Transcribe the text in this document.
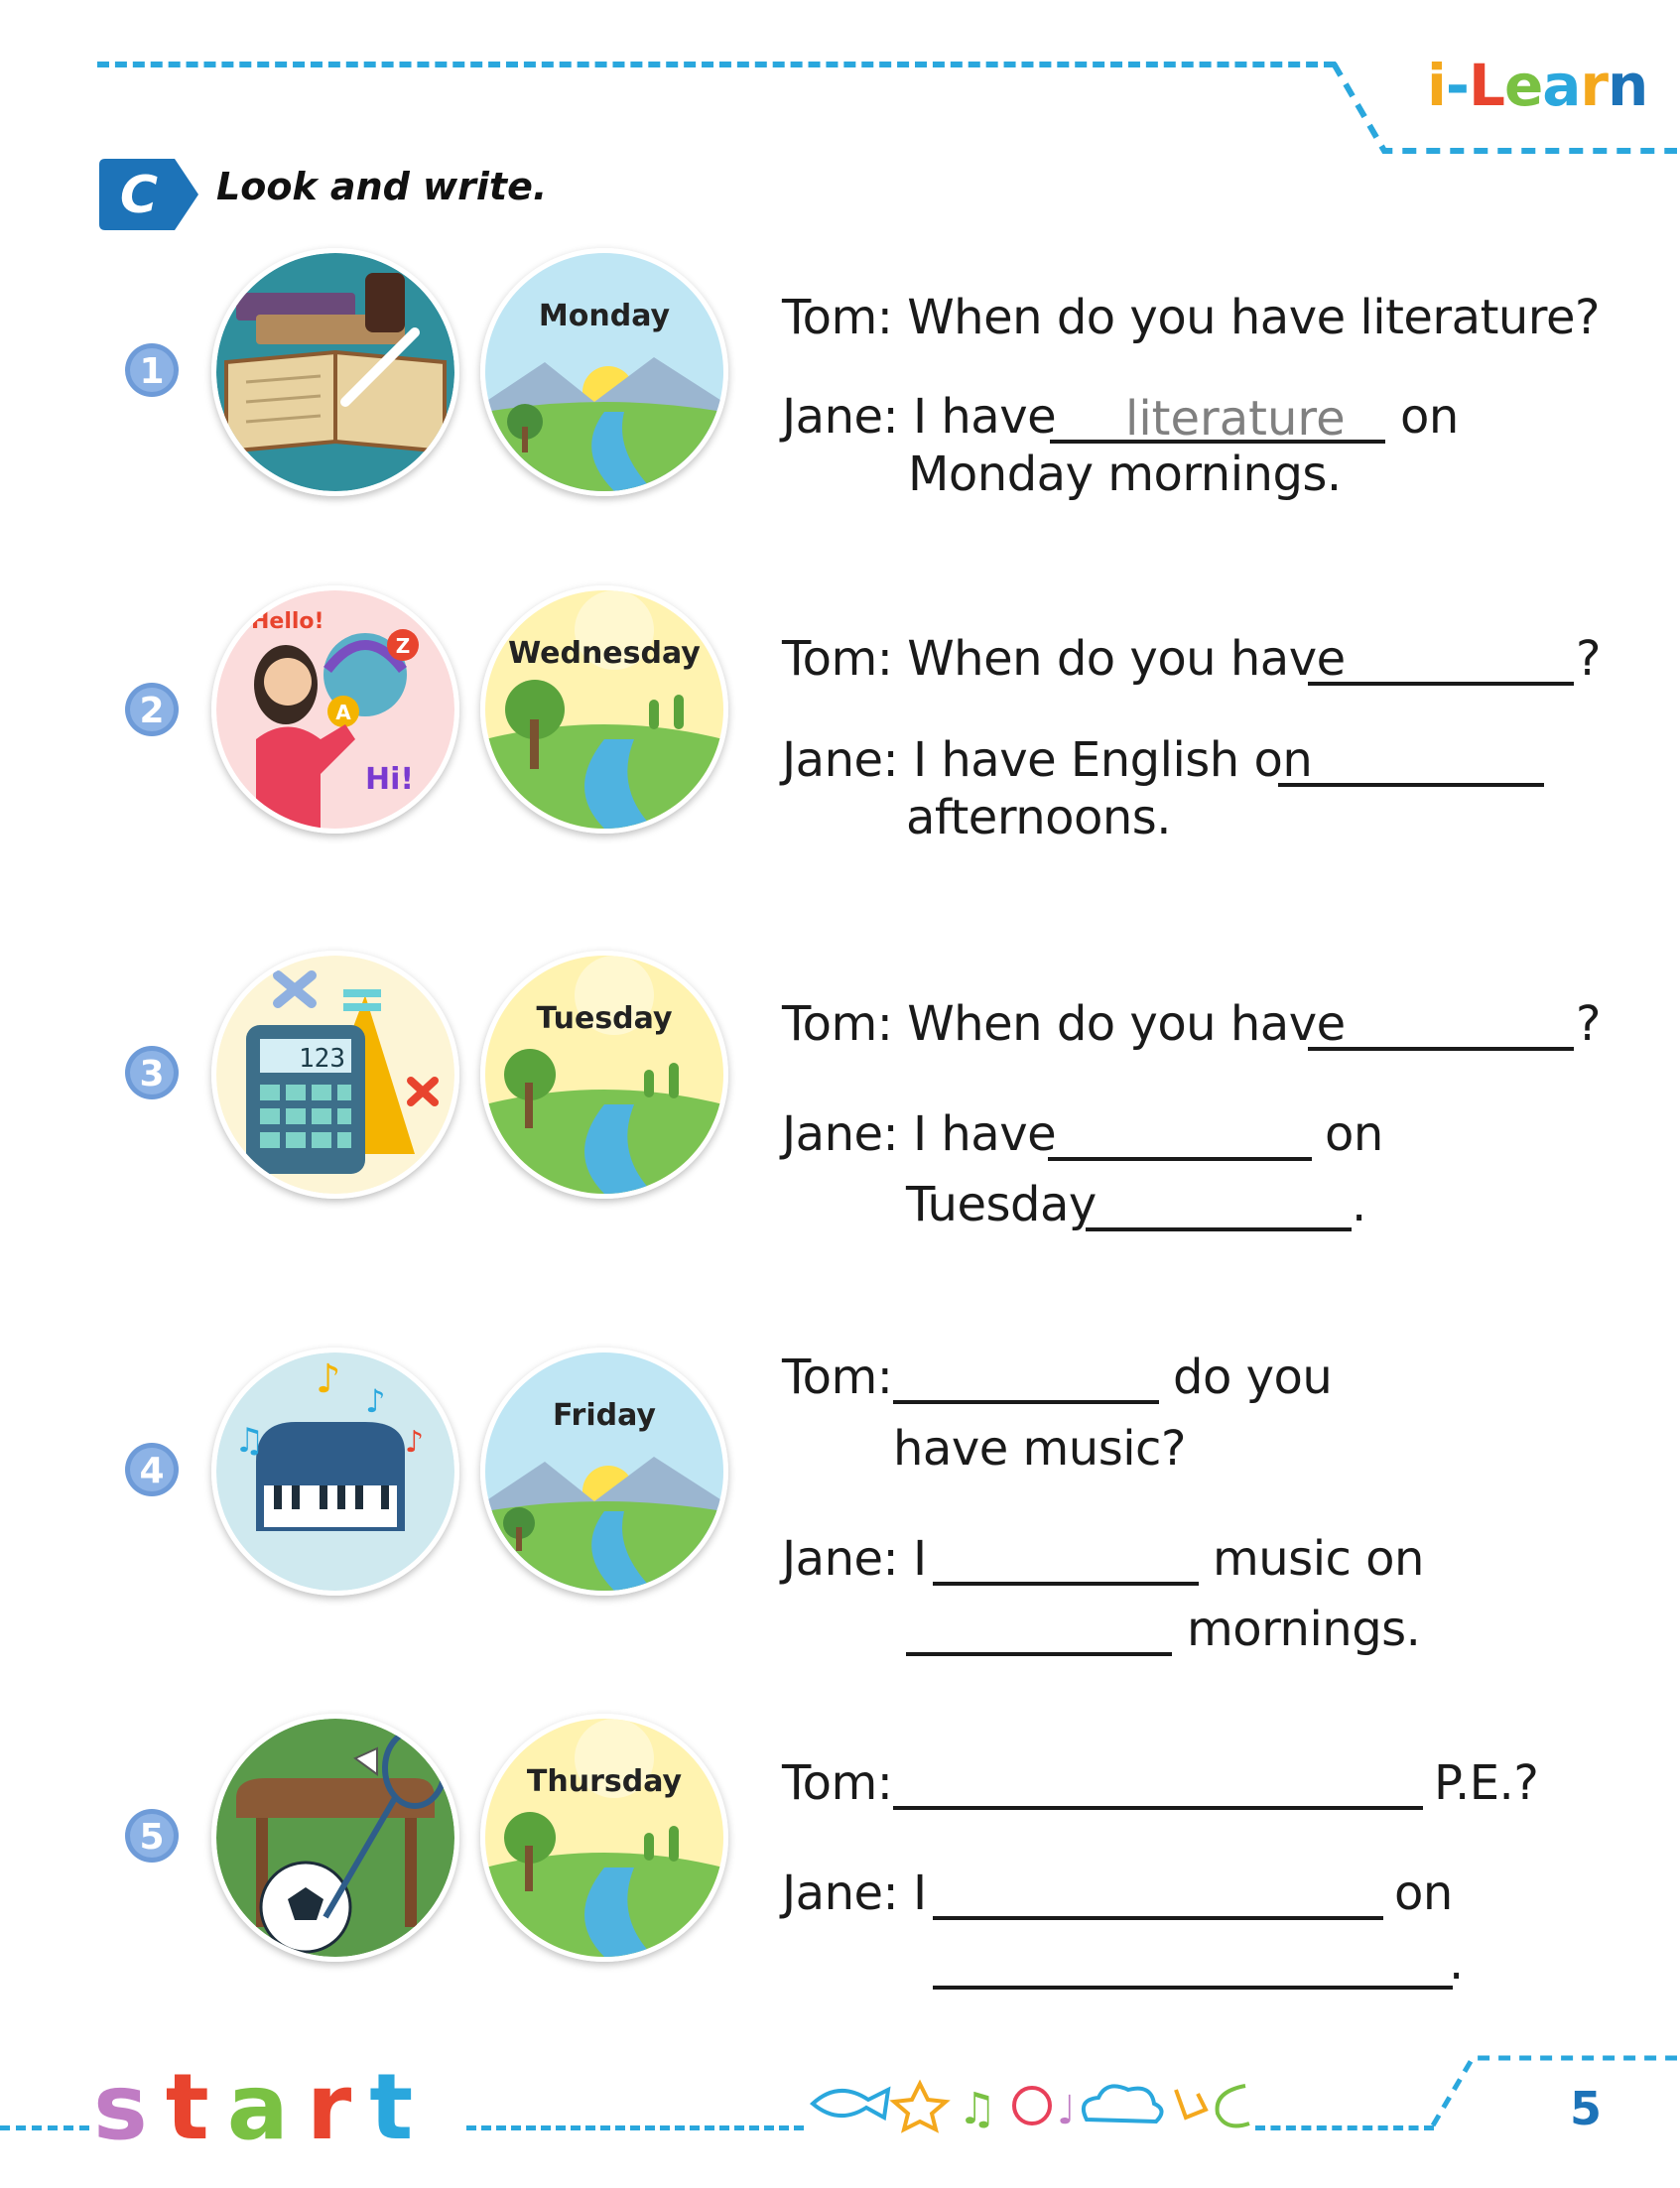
i-Learn
C Look and write.
1
Monday	Tom: When do you have literature?
Jane: I have literature on
Monday mornings.
2
Hello!
Hi!
Z
A
Wednesday	Tom: When do you have	?
Jane: I have English on
afternoons.
3	123
Tuesday	Tom: When do you have	?
Jane: I have	on
Tuesday	.
4
♪ ♪
♪
♫
Friday
Tom:	do you
have music?
Jane: I	music on
mornings.
5
Thursday	Tom:	P.E.?
Jane: I	on
.
start	♫ ♩	5
